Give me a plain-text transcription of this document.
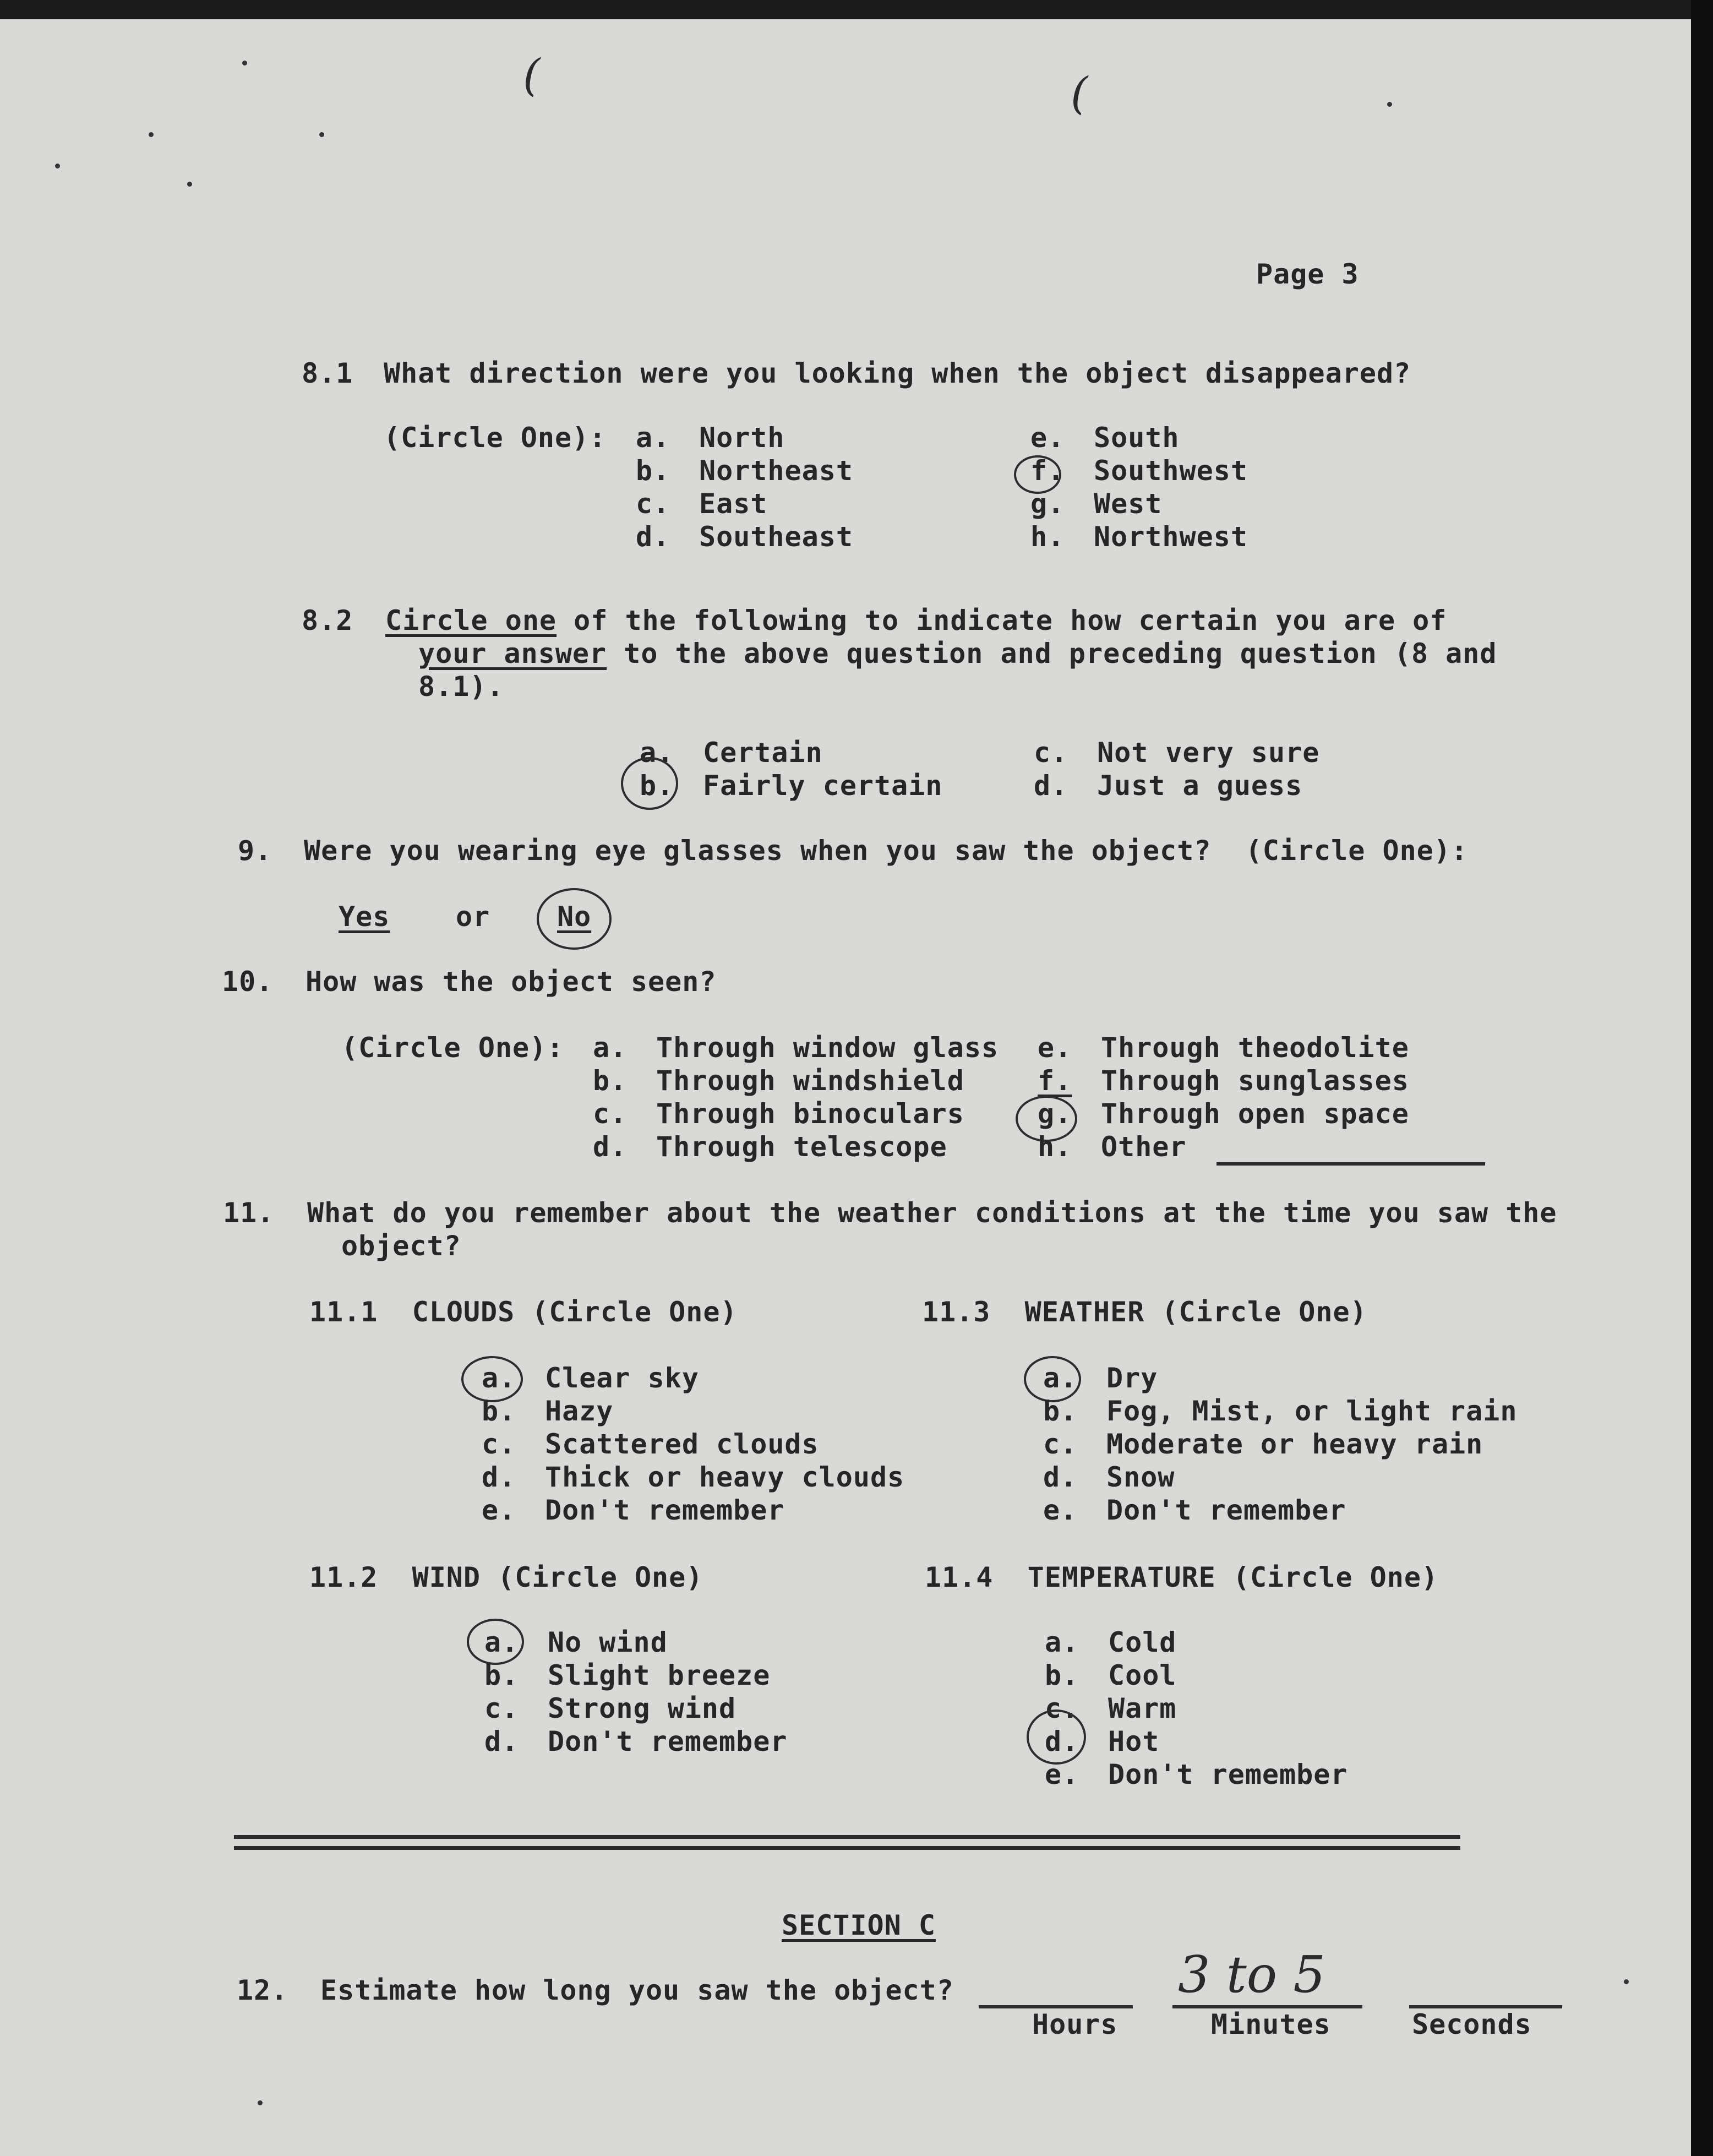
(	(
Page 3
8.1 What direction were you looking when the object disappeared?
(Circle One): a. North
b. Northeast
c. East
d. Southeast
e. South
f. Southwest
g. West
h. Northwest
8.2 Circle one of the following to indicate how certain you are of
your answer to the above question and preceding question (8 and
8.1).
a. Certain
b. Fairly certain
c. Not very sure
d. Just a guess
9. Were you wearing eye glasses when you saw the object?  (Circle One):
Yes or No
10. How was the object seen?
(Circle One): a. Through window glass
b. Through windshield
c. Through binoculars
d. Through telescope
e. Through theodolite
f. Through sunglasses
g. Through open space
h. Other
11. What do you remember about the weather conditions at the time you saw the
object?
11.1  CLOUDS (Circle One)
a. Clear sky
b. Hazy
c. Scattered clouds
d. Thick or heavy clouds
e. Don't remember
11.3  WEATHER (Circle One)
a. Dry
b. Fog, Mist, or light rain
c. Moderate or heavy rain
d. Snow
e. Don't remember
11.2  WIND (Circle One)
a. No wind
b. Slight breeze
c. Strong wind
d. Don't remember
11.4  TEMPERATURE (Circle One)
a. Cold
b. Cool
c. Warm
d. Hot
e. Don't remember
SECTION C
12. Estimate how long you saw the object?
Hours
3 to 5
Minutes	Seconds
